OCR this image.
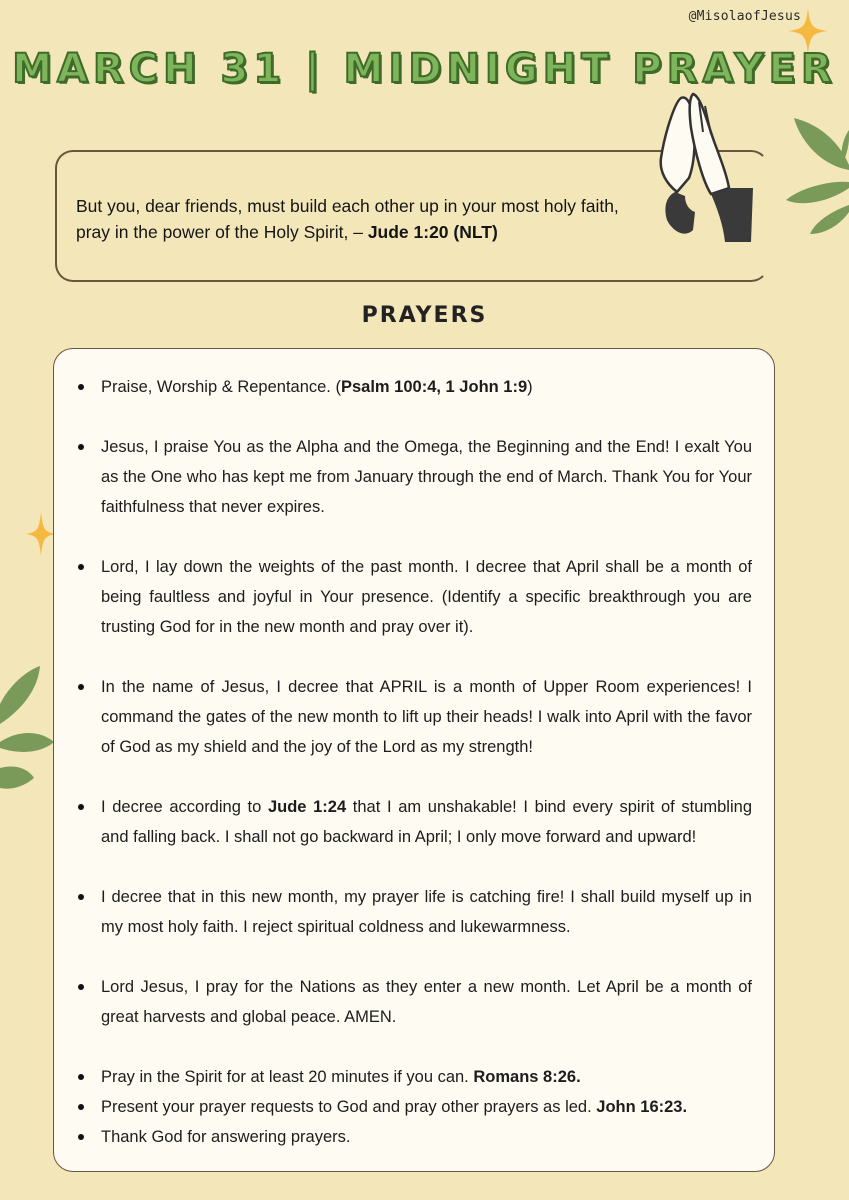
@MisolaofJesus
MARCH 31 | MIDNIGHT PRAYER
But you, dear friends, must build each other up in your most holy faith, pray in the power of the Holy Spirit, – Jude 1:20 (NLT)
PRAYERS
Praise, Worship & Repentance. (Psalm 100:4, 1 John 1:9)
Jesus, I praise You as the Alpha and the Omega, the Beginning and the End! I exalt You as the One who has kept me from January through the end of March. Thank You for Your faithfulness that never expires.
Lord, I lay down the weights of the past month. I decree that April shall be a month of being faultless and joyful in Your presence. (Identify a specific breakthrough you are trusting God for in the new month and pray over it).
In the name of Jesus, I decree that APRIL is a month of Upper Room experiences! I command the gates of the new month to lift up their heads! I walk into April with the favor of God as my shield and the joy of the Lord as my strength!
I decree according to Jude 1:24 that I am unshakable! I bind every spirit of stumbling and falling back. I shall not go backward in April; I only move forward and upward!
I decree that in this new month, my prayer life is catching fire! I shall build myself up in my most holy faith. I reject spiritual coldness and lukewarmness.
Lord Jesus, I pray for the Nations as they enter a new month. Let April be a month of great harvests and global peace. AMEN.
Pray in the Spirit for at least 20 minutes if you can. Romans 8:26.
Present your prayer requests to God and pray other prayers as led. John 16:23.
Thank God for answering prayers.
